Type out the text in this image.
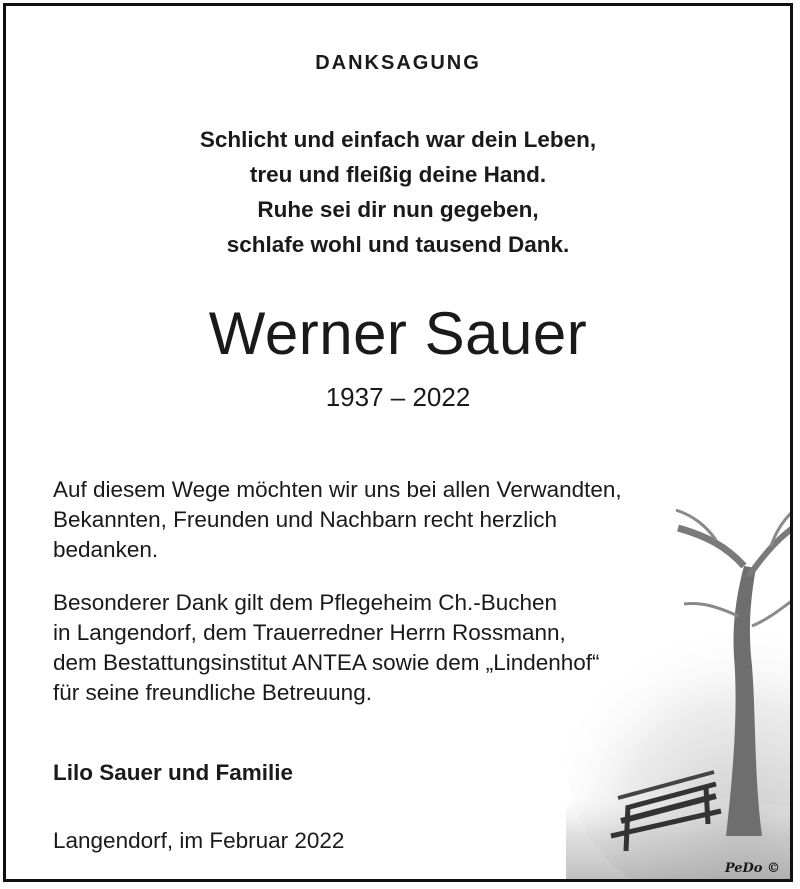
DANKSAGUNG
Schlicht und einfach war dein Leben,
treu und fleißig deine Hand.
Ruhe sei dir nun gegeben,
schlafe wohl und tausend Dank.
Werner Sauer
1937 – 2022
Auf diesem Wege möchten wir uns bei allen Verwandten,
Bekannten, Freunden und Nachbarn recht herzlich
bedanken.
Besonderer Dank gilt dem Pflegeheim Ch.-Buchen
in Langendorf, dem Trauerredner Herrn Rossmann,
dem Bestattungsinstitut ANTEA sowie dem „Lindenhof“
für seine freundliche Betreuung.
Lilo Sauer und Familie
Langendorf, im Februar 2022
PeDo ©
